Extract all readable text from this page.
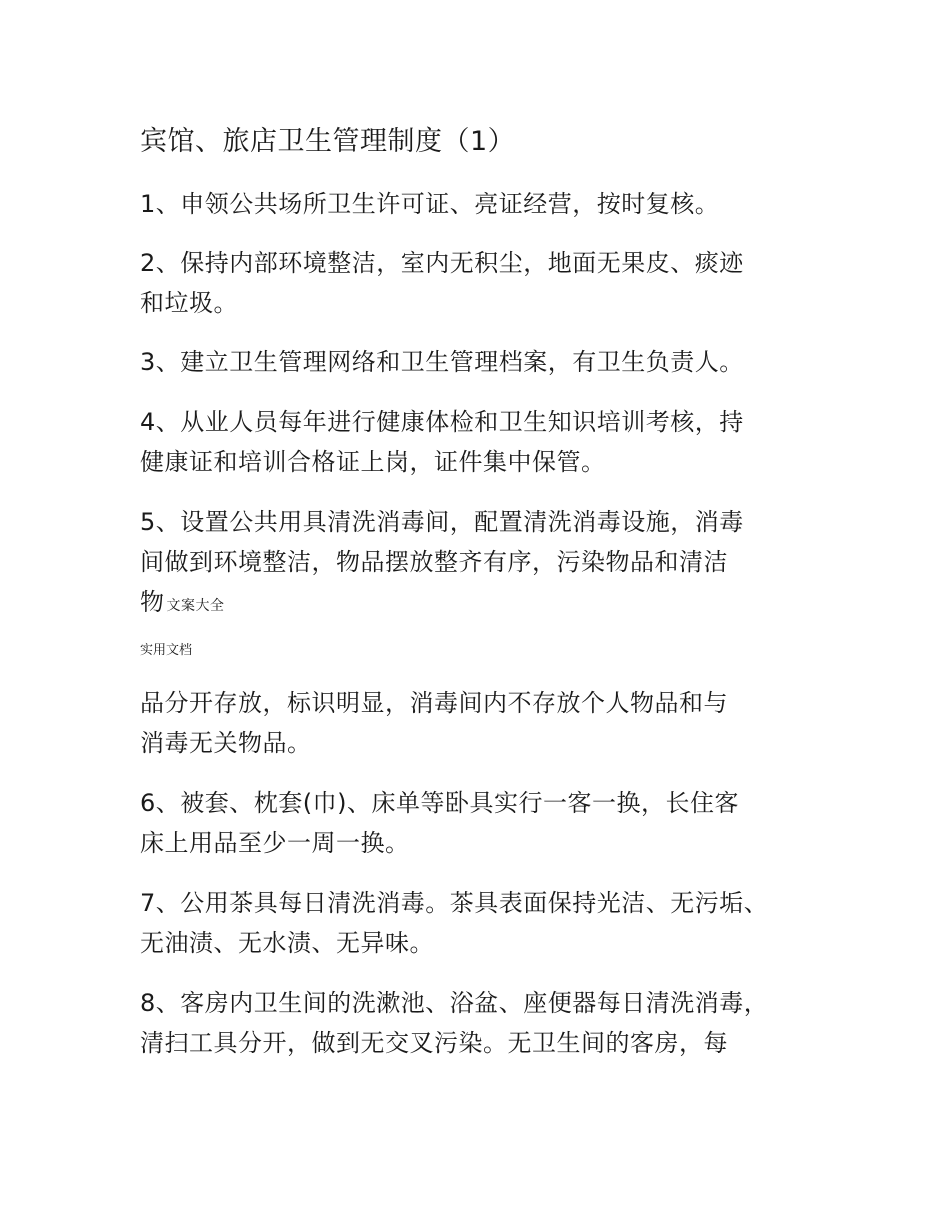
宾馆、旅店卫生管理制度（1）
1、申领公共场所卫生许可证、亮证经营，按时复核。
2、保持内部环境整洁，室内无积尘，地面无果皮、痰迹
和垃圾。
3、建立卫生管理网络和卫生管理档案，有卫生负责人。
4、从业人员每年进行健康体检和卫生知识培训考核，持
健康证和培训合格证上岗，证件集中保管。
5、设置公共用具清洗消毒间，配置清洗消毒设施，消毒
间做到环境整洁，物品摆放整齐有序，污染物品和清洁
物文案大全
实用文档
品分开存放，标识明显，消毒间内不存放个人物品和与
消毒无关物品。
6、被套、枕套(巾)、床单等卧具实行一客一换，长住客
床上用品至少一周一换。
7、公用茶具每日清洗消毒。茶具表面保持光洁、无污垢、
无油渍、无水渍、无异味。
8、客房内卫生间的洗漱池、浴盆、座便器每日清洗消毒，
清扫工具分开，做到无交叉污染。无卫生间的客房，每
